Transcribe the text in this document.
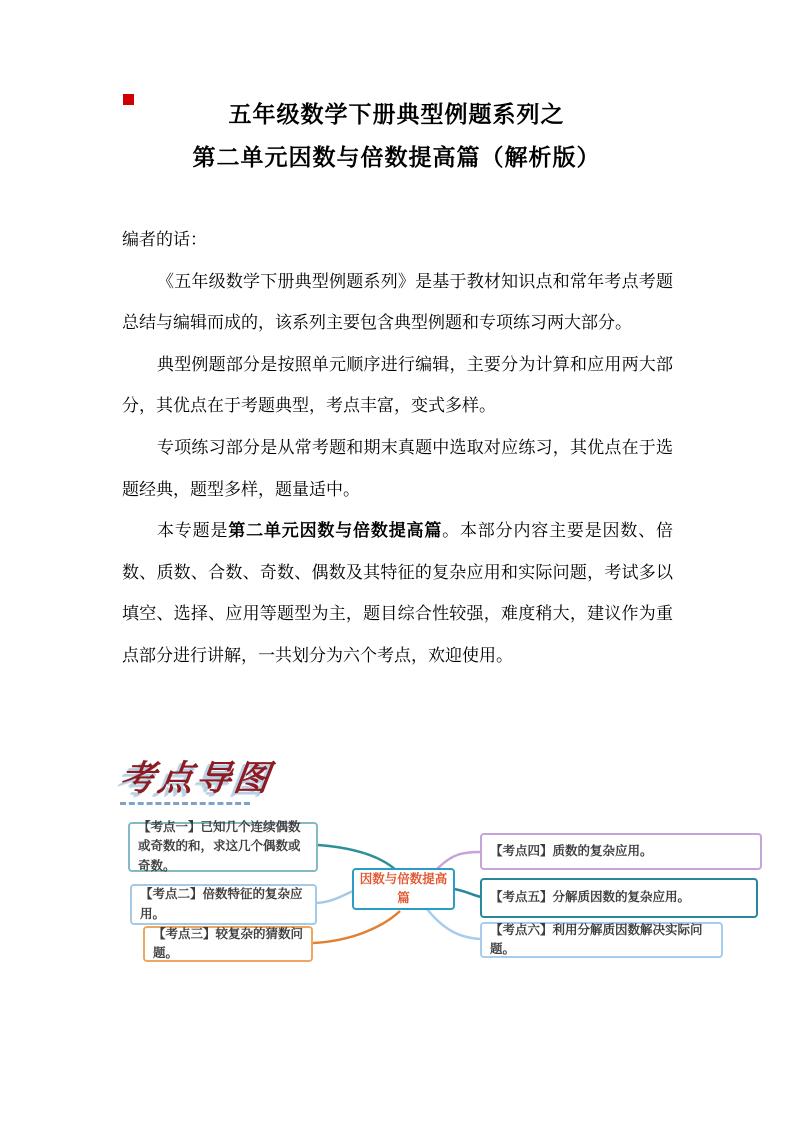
五年级数学下册典型例题系列之
第二单元因数与倍数提高篇（解析版）

编者的话：

《五年级数学下册典型例题系列》是基于教材知识点和常年考点考题总结与编辑而成的，该系列主要包含典型例题和专项练习两大部分。

典型例题部分是按照单元顺序进行编辑，主要分为计算和应用两大部分，其优点在于考题典型，考点丰富，变式多样。

专项练习部分是从常考题和期末真题中选取对应练习，其优点在于选题经典，题型多样，题量适中。

本专题是第二单元因数与倍数提高篇。本部分内容主要是因数、倍数、质数、合数、奇数、偶数及其特征的复杂应用和实际问题，考试多以填空、选择、应用等题型为主，题目综合性较强，难度稍大，建议作为重点部分进行讲解，一共划分为六个考点，欢迎使用。

考点导图
【考点一】已知几个连续偶数或奇数的和，求这几个偶数或奇数。
【考点二】倍数特征的复杂应用。
【考点三】较复杂的猜数问题。
因数与倍数提高篇
【考点四】质数的复杂应用。
【考点五】分解质因数的复杂应用。
【考点六】利用分解质因数解决实际问题。
